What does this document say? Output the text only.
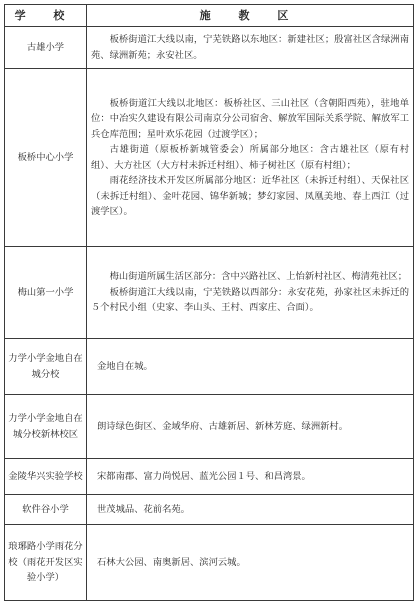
学 校	施 教 区
古雄小学	板桥街道江大线以南，宁芜铁路以东地区：新建社区；殷富社区含绿洲南苑、绿洲新苑；永安社区。

板桥中心小学	板桥街道江大线以北地区：板桥社区、三山社区（含朝阳西苑），驻地单位：中冶实久建设有限公司南京分公司宿舍、解放军国际关系学院、解放军工兵仓库范围；星叶欢乐花园（过渡学区）；
古雄街道（原板桥新城管委会）所属部分地区：含古雄社区（原有村组）、大方社区（大方村未拆迁村组）、柿子树社区（原有村组）；
雨花经济技术开发区所属部分地区：近华社区（未拆迁村组）、天保社区（未拆迁村组）、金叶花园、锦华新城；梦幻家园、凤凰美地、春上西江（过渡学区）。

梅山第一小学	梅山街道所属生活区部分：含中兴路社区、上怡新村社区、梅清苑社区；
板桥街道江大线以南，宁芜铁路以西部分：永安花苑，孙家社区未拆迁的５个村民小组（史家、李山头、王村、西家庄、合面）。

力学小学金地自在城分校	金地自在城。

力学小学金地自在城分校新林校区	朗诗绿色街区、金域华府、古雄新居、新林芳庭、绿洲新村。

金陵华兴实验学校	宋都南郡、富力尚悦居、蓝光公园１号、和昌湾景。

软件谷小学	世茂城品、花前名苑。

琅琊路小学雨花分校（雨花开发区实验小学）	石林大公园、南奥新居、滨河云城。
